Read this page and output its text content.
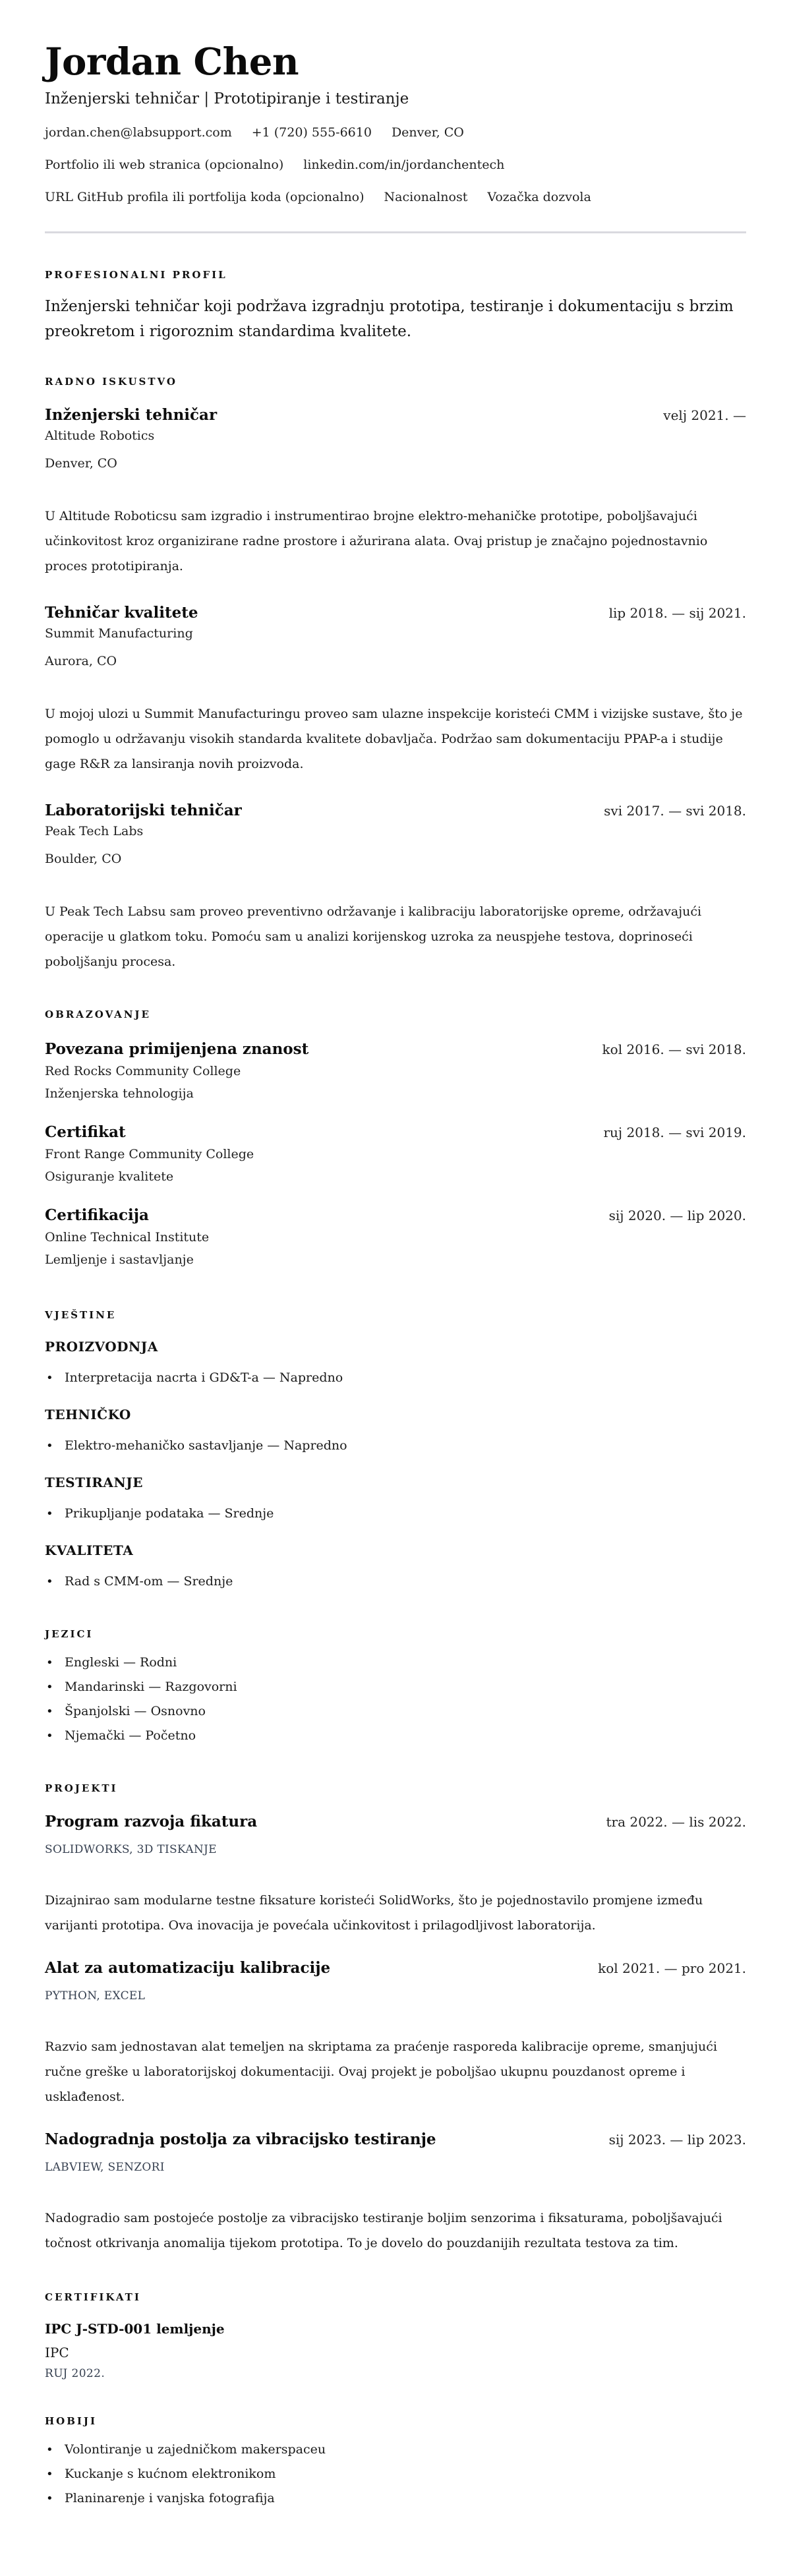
Jordan Chen
Inženjerski tehničar | Prototipiranje i testiranje
jordan.chen@labsupport.com +1 (720) 555-6610 Denver, CO
Portfolio ili web stranica (opcionalno) linkedin.com/in/jordanchentech
URL GitHub profila ili portfolija koda (opcionalno) Nacionalnost Vozačka dozvola
PROFESIONALNI PROFIL

Inženjerski tehničar koji podržava izgradnju prototipa, testiranje i dokumentaciju s brzim preokretom i rigoroznim standardima kvalitete.

RADNO ISKUSTVO
Inženjerski tehničar	velj 2021. —
Altitude Robotics
Denver, CO

U Altitude Roboticsu sam izgradio i instrumentirao brojne elektro-mehaničke prototipe, poboljšavajući učinkovitost kroz organizirane radne prostore i ažurirana alata. Ovaj pristup je značajno pojednostavnio proces prototipiranja.

Tehničar kvalitete	lip 2018. — sij 2021.
Summit Manufacturing
Aurora, CO

U mojoj ulozi u Summit Manufacturingu proveo sam ulazne inspekcije koristeći CMM i vizijske sustave, što je pomoglo u održavanju visokih standarda kvalitete dobavljača. Podržao sam dokumentaciju PPAP-a i studije gage R&R za lansiranja novih proizvoda.

Laboratorijski tehničar	svi 2017. — svi 2018.
Peak Tech Labs
Boulder, CO

U Peak Tech Labsu sam proveo preventivno održavanje i kalibraciju laboratorijske opreme, održavajući operacije u glatkom toku. Pomoću sam u analizi korijenskog uzroka za neuspjehe testova, doprinoseći poboljšanju procesa.

OBRAZOVANJE
Povezana primijenjena znanost	kol 2016. — svi 2018.
Red Rocks Community College
Inženjerska tehnologija
Certifikat	ruj 2018. — svi 2019.
Front Range Community College
Osiguranje kvalitete
Certifikacija	sij 2020. — lip 2020.
Online Technical Institute
Lemljenje i sastavljanje
VJEŠTINE
PROIZVODNJA
• Interpretacija nacrta i GD&T-a — Napredno
TEHNIČKO
• Elektro-mehaničko sastavljanje — Napredno
TESTIRANJE
• Prikupljanje podataka — Srednje
KVALITETA
• Rad s CMM-om — Srednje
JEZICI
• Engleski — Rodni
• Mandarinski — Razgovorni
• Španjolski — Osnovno
• Njemački — Početno
PROJEKTI
Program razvoja fikatura	tra 2022. — lis 2022.
SOLIDWORKS, 3D TISKANJE

Dizajnirao sam modularne testne fiksature koristeći SolidWorks, što je pojednostavilo promjene između varijanti prototipa. Ova inovacija je povećala učinkovitost i prilagodljivost laboratorija.

Alat za automatizaciju kalibracije	kol 2021. — pro 2021.
PYTHON, EXCEL

Razvio sam jednostavan alat temeljen na skriptama za praćenje rasporeda kalibracije opreme, smanjujući ručne greške u laboratorijskoj dokumentaciji. Ovaj projekt je poboljšao ukupnu pouzdanost opreme i usklađenost.

Nadogradnja postolja za vibracijsko testiranje	sij 2023. — lip 2023.
LABVIEW, SENZORI

Nadogradio sam postojeće postolje za vibracijsko testiranje boljim senzorima i fiksaturama, poboljšavajući točnost otkrivanja anomalija tijekom prototipa. To je dovelo do pouzdanijih rezultata testova za tim.

CERTIFIKATI
IPC J-STD-001 lemljenje
IPC
RUJ 2022.
HOBIJI
• Volontiranje u zajedničkom makerspaceu
• Kuckanje s kućnom elektronikom
• Planinarenje i vanjska fotografija
